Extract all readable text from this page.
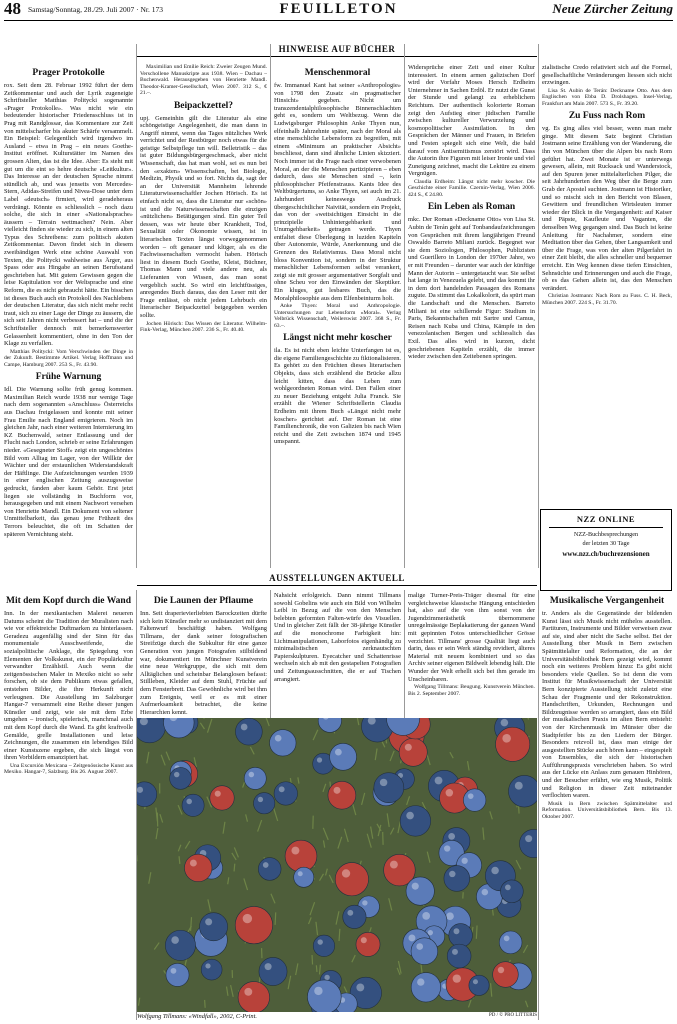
48 Samstag/Sonntag, 28./29. Juli 2007 · Nr. 173	FEUILLETON	Neue Zürcher Zeitung
HINWEISE AUF BÜCHER
Prager Protokolle

rox. Seit dem 28. Februar 1992 führt der dem Zeitkommentar und auch der Lyrik zugeneigte Schriftsteller Matthias Politycki sogenannte «Prager Protokolle». Was nicht wie ein bedeutender historischer Friedensschluss ist in Prag mit Randglossar, das Kommentare zur Zeit von mittelscharfer bis akuter Schärfe versammelt. Ein Beispiel: Gelegentlich wird irgendwo im Ausland – etwa in Prag – ein neues Goethe-Institut eröffnet. Kulturstätter im Namen des grossen Alten, das ist die Idee. Aber: Es steht mit gut um die eint so hehre deutsche «Leitkultur». Das Interesse an der deutschen Sprache nimmt stündlich ab, und was jenseits von Mercedes-Stern, Adidas-Streifen und Nivea-Dose unter dem Label «deutsch» firmiert, wird geradeheraus verdrängt. Könnte es schliesslich – noch dazu solche, die sich in einer «Nationalsprache» äussern – Terrain wettmachen? Nein. Aber vielleicht finden sie wieder zu sich, in einem alten Typus des Schreibens: zum politisch akuten Zeitkommentar. Davon findet sich in diesem zweibändigen Werk eine schöne Auswahl von Texten, die Politycki wahlweise aus Ärger, aus Spass oder aus Hingabe an seinen Berufsstand geschrieben hat. Mit gutem Gewissen gegen die leise Kapitulation vor der Weltsprache und eine Reform, die es nicht gebraucht hätte. Ein bisschen ist dieses Buch auch ein Protokoll des Nachlebens der deutschen Literatur, das sich nicht mehr recht traut, sich zu einer Lage der Dinge zu äussern, die sich seit Jahren nicht verbessert hat – und die der Schriftsteller dennoch mit bemerkenswerter Gelassenheit kommentiert, ohne in den Ton der Klage zu verfallen.

Matthias Politycki: Vom Verschwinden der Dinge in der Zukunft. Bestimmte Artikel. Verlag Hoffmann und Campe, Hamburg 2007. 253 S., Fr. 43.90.

Frühe Warnung

Idl. Die Warnung sollte früh genug kommen. Maximilian Reich wurde 1938 nur wenige Tage nach dem sogenannten «Anschluss» Österreichs aus Dachau freigelassen und konnte mit seiner Frau Emilie nach England emigrieren. Noch im gleichen Jahr, nach einer weiteren Internierung im KZ Buchenwald, seiner Entlassung und der Flucht nach London, schrieb er seine Erfahrungen nieder. «Gesegneter Stoff» zeigt ein ungeschöntes Bild vom Alltag im Lager, von der Willkür der Wächter und der erstaunlichen Widerstandskraft der Häftlinge. Die Aufzeichnungen wurden 1939 in einer englischen Zeitung auszugsweise gedruckt, fanden aber kaum Gehör. Erst jetzt liegen sie vollständig in Buchform vor, herausgegeben und mit einem Nachwort versehen von Henriette Mandl. Ein Dokument von seltener Unmittelbarkeit, das genau jene Frühzeit des Terrors beleuchtet, die oft im Schatten der späteren Vernichtung steht.

Maximilian und Emilie Reich: Zweier Zeugen Mund. Verschollene Manuskripte aus 1938. Wien – Dachau – Buchenwald. Herausgegeben von Henriette Mandl. Theodor-Kramer-Gesellschaft, Wien 2007. 312 S., € 21.–.

Beipackzettel?

upj. Gemeinhin gilt die Literatur als eine schöngeistige Angelegenheit, die man dann in Angriff nimmt, wenn das Tages nützliches Werk verrichtet und der Restbürger noch etwas für die geistige Selbstpflege tun will. Belletristik – das ist guter Bildungsbürgergeschmack, aber nicht Wissenschaft, das hat man wohl, sei es nun bei den «exakten» Wissenschaften, bei Biologie, Medizin, Physik und so fort. Nichts da, sagt der an der Universität Mannheim lehrende Literaturwissenschaftler Jochen Hörisch. Es ist einfach nicht so, dass die Literatur nur «schön» ist und die Naturwissenschaften die einzigen «nützlichen» Betätigungen sind. Ein guter Teil dessen, was wir heute über Krankheit, Tod, Sexualität oder Ökonomie wissen, ist in literarischen Texten längst vorweggenommen worden – oft genauer und klüger, als es die Fachwissenschaften vermocht haben. Hörisch liest in diesem Buch Goethe, Kleist, Büchner, Thomas Mann und viele andere neu, als Lieferanten von Wissen, das man sonst vergeblich sucht. So wird ein leichtfüssiges, anregendes Buch daraus, das den Leser mit der Frage entlässt, ob nicht jedem Lehrbuch ein literarischer Beipackzettel beigegeben werden sollte.

Jochen Hörisch: Das Wissen der Literatur. Wilhelm-Fink-Verlag, München 2007. 236 S., Fr. 40.40.

Menschenmoral

fw. Immanuel Kant hat seiner «Anthropologie» von 1798 den Zusatz «in pragmatischer Hinsicht» gegeben. Nicht um transzendentalphilosophische Binnenschlachten geht es, sondern um Weltbezug. Wenn die Ludwigsburger Philosophin Anke Thyen nun, elfeinhalb Jahrzehnte später, nach der Moral als eine menschliche Lebensform zu begreifen, mit einem «Minimum an praktischer Absicht» beschliesst, dann sind ähnliche Linien skizziert. Noch immer ist die Frage nach einer verwobenen Moral, an der die Menschen partizipieren – eben dadurch, dass sie Menschen sind –, kein philosophischer Pfeifenstrauss. Kants Idee des Weltbürgertums, so Anke Thyen, sei auch im 21. Jahrhundert keineswegs Ausdruck übergeschichtlicher Naivität, sondern ein Projekt, das von der «weitsichtigen Einsicht in die prinzipielle Unhintergehbarkeit und Unumgehbarkeit» getragen werde. Thyen entfaltet diese Überlegung in luziden Kapiteln über Autonomie, Würde, Anerkennung und die Grenzen des Relativismus. Dass Moral nicht bloss Konvention ist, sondern in der Struktur menschlicher Lebensformen selbst verankert, zeigt sie mit grosser argumentativer Sorgfalt und ohne Scheu vor den Einwänden der Skeptiker. Ein kluges, gut lesbares Buch, das die Moralphilosophie aus dem Elfenbeinturm holt.

Anke Thyen: Moral und Anthropologie. Untersuchungen zur Lebensform «Moral». Verlag Velbrück Wissenschaft, Weilerswist 2007. 368 S., Fr. 63.–.

Längst nicht mehr koscher

ila. Es ist nicht eben leichte Unterfangen ist es, die eigene Familiengeschichte zu fiktionalisieren. Es gehört zu den Früchten dieses literarischen Objekts, dass sich erzählend die Brücke allzu leicht kitten, dass das Leben zum wohlgeordneten Roman wird. Den Fallen einer zu neuer Beziehung entgeht Julia Franck. Sie erzählt die Wiener Schriftstellerin Claudia Erdheim mit ihrem Buch «Längst nicht mehr koscher» gerichtet auf. Der Roman ist eine Familienchronik, die von Galizien bis nach Wien reicht und die Zeit zwischen 1874 und 1945 umspannt.

Widersprüche einer Zeit und einer Kultur interessiert. In einem armen galizischen Dorf wird der Vorfahr Moses Hersch Erdheim Unternehmer in Sachen Erdöl. Er nutzt die Gunst der Stunde und gelangt zu erheblichem Reichtum. Der authentisch kolorierte Roman zeigt den Aufstieg einer jüdischen Familie zwischen kultureller Verwurzelung und kosmopolitischer Assimilation. In den Gesprächen der Männer und Frauen, in Briefen und Festen spiegelt sich eine Welt, die bald darauf vom Antisemitismus zerstört wird. Dass die Autorin ihre Figuren mit leiser Ironie und viel Zuneigung zeichnet, macht die Lektüre zu einem Vergnügen.

Claudia Erdheim: Längst nicht mehr koscher. Die Geschichte einer Familie. Czernin-Verlag, Wien 2006. 424 S., € 24.80.

Ein Leben als Roman

mkc. Der Roman «Deckname Otto» von Lisa St. Aubin de Terán geht auf Tonbandaufzeichnungen von Gesprächen mit ihrem langjährigen Freund Oswaldo Barreto Miliani zurück. Begegnet war sie dem Soziologen, Philosophen, Publizisten und Guerillero in London der 1970er Jahre, wo er mit Freunden – darunter war auch der künftige Mann der Autorin – untergetaucht war. Sie selbst hat lange in Venezuela gelebt, und das kommt ihr in dem dort handelnden Passagen des Romans zugute. Da stimmt das Lokalkolorit, da spürt man die Landschaft und die Menschen. Barreto Miliani ist eine schillernde Figur: Studium in Paris, Bekanntschaften mit Sartre und Camus, Reisen nach Kuba und China, Kämpfe in den venezolanischen Bergen und schliesslich das Exil. Das alles wird in kurzen, dicht geschriebenen Kapiteln erzählt, die immer wieder zwischen den Zeitebenen springen.

zialistische Credo relativiert sich auf die Formel, gesellschaftliche Veränderungen liessen sich nicht erzwingen.

Lisa St. Aubin de Terán: Deckname Otto. Aus dem Englischen von Ebba D. Drolshagen. Insel-Verlag, Frankfurt am Main 2007. 573 S., Fr. 39.20.

Zu Fuss nach Rom

vg. Es ging alles viel besser, wenn man mehr ginge. Mit diesem Satz beginnt Christian Jostmann seine Erzählung von der Wanderung, die ihn von München über die Alpen bis nach Rom geführt hat. Zwei Monate ist er unterwegs gewesen, allein, mit Rucksack und Wanderstock, auf den Spuren jener mittelalterlichen Pilger, die seit Jahrhunderten den Weg über die Berge zum Grab der Apostel suchten. Jostmann ist Historiker, und so mischt sich in den Bericht von Blasen, Gewittern und freundlichen Wirtsleuten immer wieder der Blick in die Vergangenheit: auf Kaiser und Päpste, Kaufleute und Vaganten, die denselben Weg gegangen sind. Das Buch ist keine Anleitung für Nachahmer, sondern eine Meditation über das Gehen, über Langsamkeit und über die Frage, was von der alten Pilgerfahrt in einer Zeit bleibt, die alles schneller und bequemer erreicht. Ein Weg kennen diese tiefen Einsichten, Sehnsüchte und Erinnerungen und auch die Frage, ob es das Gehen allein ist, das den Menschen verändert.

Christian Jostmann: Nach Rom zu Fuss. C. H. Beck, München 2007. 224 S., Fr. 31.70.

NZZ ONLINE
NZZ-Buchbesprechungen
der letzten 30 Tage
www.nzz.ch/buchrezensionen
AUSSTELLUNGEN AKTUELL
Mit dem Kopf durch die Wand

Inn. In der mexikanischen Malerei neueren Datums scheint die Tradition der Muralisten nach wie vor effektreiche Duftmarken zu hinterlassen. Geradezu augenfällig sind der Sinn für das monumentale Ausschweifende, die sozialpolitische Anklage, die Spiegelung von Elementen der Volkskunst, ein der Populärkultur verwandter Erzählstil. Auch wenn die zeitgenössischen Maler in Mexiko nicht so sehr forschen, ob sie dem Publikum etwas gefallen, entstehen Bilder, die ihre Herkunft nicht verleugnen. Die Ausstellung im Salzburger Hangar-7 versammelt eine Reihe dieser jungen Künstler und zeigt, wie sie mit dem Erbe umgehen – ironisch, spielerisch, manchmal auch mit dem Kopf durch die Wand. Es gibt kraftvolle Gemälde, grelle Installationen und leise Zeichnungen, die zusammen ein lebendiges Bild einer Kunstszene ergeben, die sich längst von ihren Vorbildern emanzipiert hat.

Una Excursión Mexicana – Zeitgenössische Kunst aus Mexiko. Hangar-7, Salzburg. Bis 26. August 2007.

Die Launen der Pflaume

Inn. Seit draperievierliebten Barockzeiten dürfte sich kein Künstler mehr so undistanziert mit dem Faltenwurf beschäftigt haben. Wolfgang Tillmans, der dank seiner fotografischen Streifzüge durch die Subkultur für eine ganze Generation von jungen Fotografen stilbildend war, dokumentiert im Münchner Kunstverein eine neue Werkgruppe, die sich mit dem Alltäglichen und scheinbar Belanglosen befasst: Stillleben, Kleider auf dem Stuhl, Früchte auf dem Fensterbrett. Das Gewöhnliche wird bei ihm zum Ereignis, weil er es mit einer Aufmerksamkeit betrachtet, die keine Hierarchien kennt.

Nahsicht erfolgreich. Dann nimmt Tillmans sowohl Gobelins wie auch ein Bild von Wilhelm Leibl in Bezug auf die von den Menschen belebten geformten Falten-würfe des Visuellen. Und in gleicher Zeit fällt der 38-jährige Künstler auf die monochrome Farbigkeit hin: Lichtmanipulationen, Laborfotos eigenhändig zu minimalistischen zerknautschten Papierskulpturen. Eyecatcher und Schattenrisse wechseln sich ab mit den gestapelten Fotografien und Zeitungsausschnitten, die er auf Tischen arrangiert.

malige Turner-Preis-Träger diesmal für eine vergleichsweise klassische Hängung entschieden hat, also auf die von ihm sonst von der Jugendzimmerästhetik übernommene unregelmässige Beplakatierung der ganzen Wand mit gepinnten Fotos unterschiedlicher Grösse verzichtet. Tillmans' grosse Qualität liegt auch darin, dass er sein Werk ständig revidiert, älteres Material mit neuem kombiniert und so das Archiv seiner eigenen Bildwelt lebendig hält. Die Wunder der Welt erhellt sich bei ihm gerade im Unscheinbaren.

Wolfgang Tillmans: Beugung. Kunstverein München. Bis 2. September 2007.

Musikalische Vergangenheit

tr. Anders als die Gegenstände der bildenden Kunst lässt sich Musik nicht mühelos ausstellen. Partituren, Instrumente und Bilder verweisen zwar auf sie, sind aber nicht die Sache selbst. Bei der Ausstellung über Musik in Bern zwischen Spätmittelalter und Reformation, die an der Universitätsbibliothek Bern gezeigt wird, kommt noch ein weiteres Problem hinzu: Es gibt nicht besonders viele Quellen. So ist denn die vom Institut für Musikwissenschaft der Universität Bern konzipierte Ausstellung nicht zuletzt eine Schau der Fragmente und der Rekonstruktion. Handschriften, Urkunden, Rechnungen und Bildzeugnisse werden so arrangiert, dass ein Bild der musikalischen Praxis im alten Bern entsteht: von der Kirchenmusik im Münster über die Stadtpfeifer bis zu den Liedern der Bürger. Besonders reizvoll ist, dass man einige der ausgestellten Stücke auch hören kann – eingespielt von Ensembles, die sich der historischen Aufführungspraxis verschrieben haben. So wird aus der Lücke ein Anlass zum genauen Hinhören, und der Besucher erfährt, wie eng Musik, Politik und Religion in dieser Zeit miteinander verflochten waren.

Musik in Bern zwischen Spätmittelalter und Reformation. Universitätsbibliothek Bern. Bis 13. Oktober 2007.

Wolfgang Tillmans: «Windfall», 2002, C-Print.	PD / © PRO LITTERIS
